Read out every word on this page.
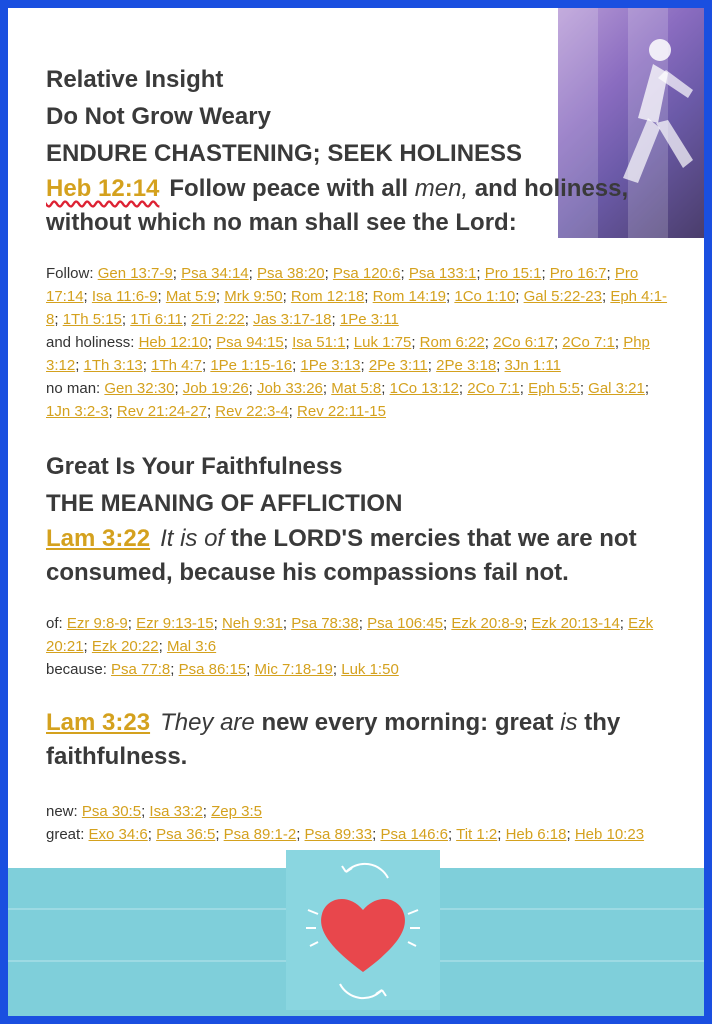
Relative Insight
Do Not Grow Weary
ENDURE CHASTENING; SEEK HOLINESS
Heb 12:14 Follow peace with all men, and holiness, without which no man shall see the Lord:
Follow: Gen 13:7-9; Psa 34:14; Psa 38:20; Psa 120:6; Psa 133:1; Pro 15:1; Pro 16:7; Pro 17:14; Isa 11:6-9; Mat 5:9; Mrk 9:50; Rom 12:18; Rom 14:19; 1Co 1:10; Gal 5:22-23; Eph 4:1-8; 1Th 5:15; 1Ti 6:11; 2Ti 2:22; Jas 3:17-18; 1Pe 3:11
and holiness: Heb 12:10; Psa 94:15; Isa 51:1; Luk 1:75; Rom 6:22; 2Co 6:17; 2Co 7:1; Php 3:12; 1Th 3:13; 1Th 4:7; 1Pe 1:15-16; 1Pe 3:13; 2Pe 3:11; 2Pe 3:18; 3Jn 1:11
no man: Gen 32:30; Job 19:26; Job 33:26; Mat 5:8; 1Co 13:12; 2Co 7:1; Eph 5:5; Gal 3:21; 1Jn 3:2-3; Rev 21:24-27; Rev 22:3-4; Rev 22:11-15
Great Is Your Faithfulness
THE MEANING OF AFFLICTION
Lam 3:22 It is of the LORD'S mercies that we are not consumed, because his compassions fail not.
of: Ezr 9:8-9; Ezr 9:13-15; Neh 9:31; Psa 78:38; Psa 106:45; Ezk 20:8-9; Ezk 20:13-14; Ezk 20:21; Ezk 20:22; Mal 3:6
because: Psa 77:8; Psa 86:15; Mic 7:18-19; Luk 1:50
Lam 3:23 They are new every morning: great is thy faithfulness.
new: Psa 30:5; Isa 33:2; Zep 3:5
great: Exo 34:6; Psa 36:5; Psa 89:1-2; Psa 89:33; Psa 146:6; Tit 1:2; Heb 6:18; Heb 10:23
